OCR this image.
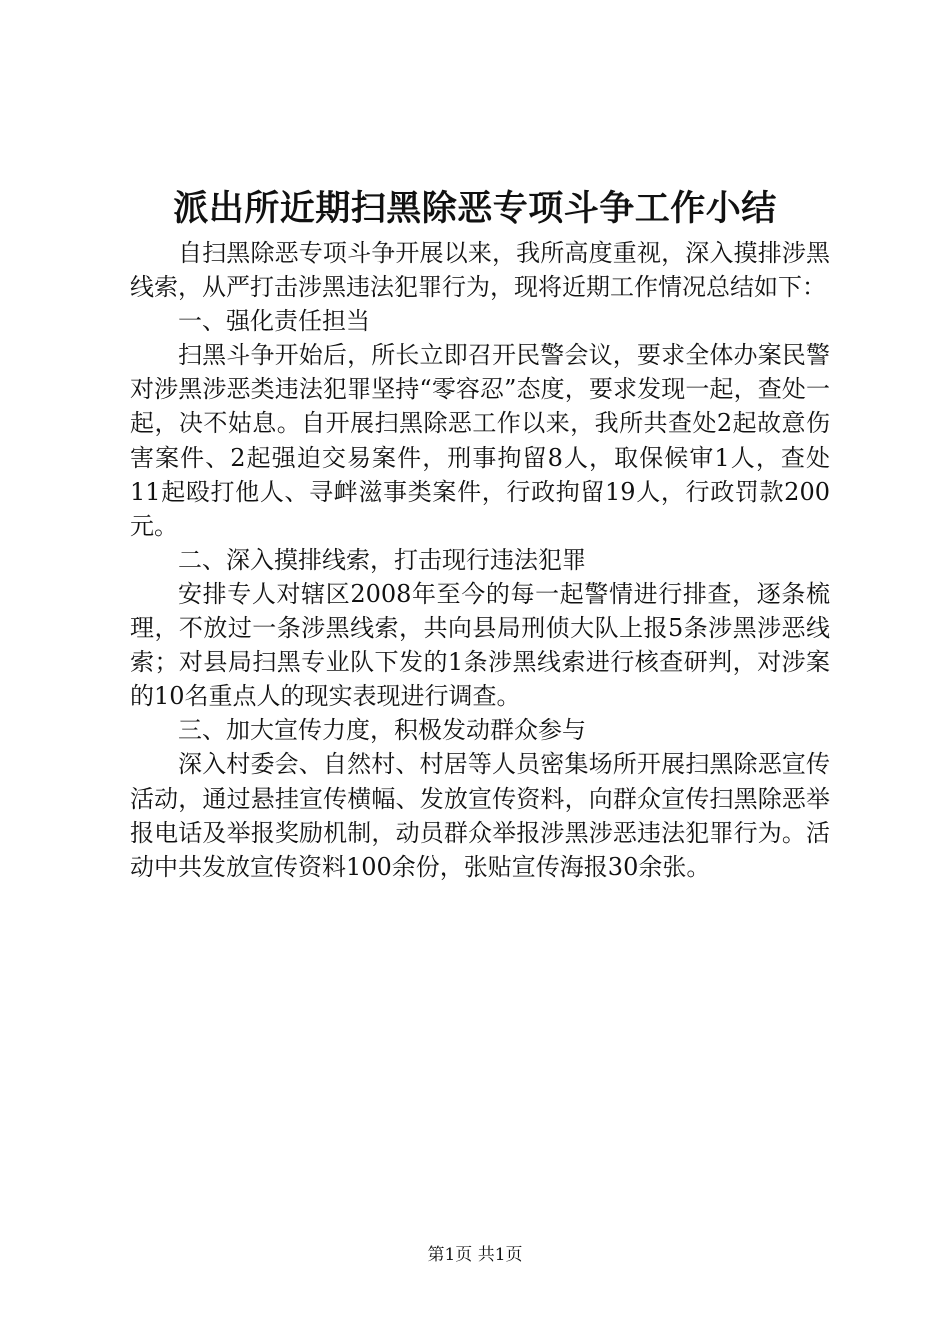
派出所近期扫黑除恶专项斗争工作小结

自扫黑除恶专项斗争开展以来，我所高度重视，深入摸排涉黑线索，从严打击涉黑违法犯罪行为，现将近期工作情况总结如下：

一、强化责任担当

扫黑斗争开始后，所长立即召开民警会议，要求全体办案民警对涉黑涉恶类违法犯罪坚持“零容忍”态度，要求发现一起，查处一起，决不姑息。自开展扫黑除恶工作以来，我所共查处2起故意伤害案件、2起强迫交易案件，刑事拘留8人，取保候审1人，查处11起殴打他人、寻衅滋事类案件，行政拘留19人，行政罚款200元。

二、深入摸排线索，打击现行违法犯罪

安排专人对辖区2008年至今的每一起警情进行排查，逐条梳理，不放过一条涉黑线索，共向县局刑侦大队上报5条涉黑涉恶线索；对县局扫黑专业队下发的1条涉黑线索进行核查研判，对涉案的10名重点人的现实表现进行调查。

三、加大宣传力度，积极发动群众参与

深入村委会、自然村、村居等人员密集场所开展扫黑除恶宣传活动，通过悬挂宣传横幅、发放宣传资料，向群众宣传扫黑除恶举报电话及举报奖励机制，动员群众举报涉黑涉恶违法犯罪行为。活动中共发放宣传资料100余份，张贴宣传海报30余张。

第1页 共1页
